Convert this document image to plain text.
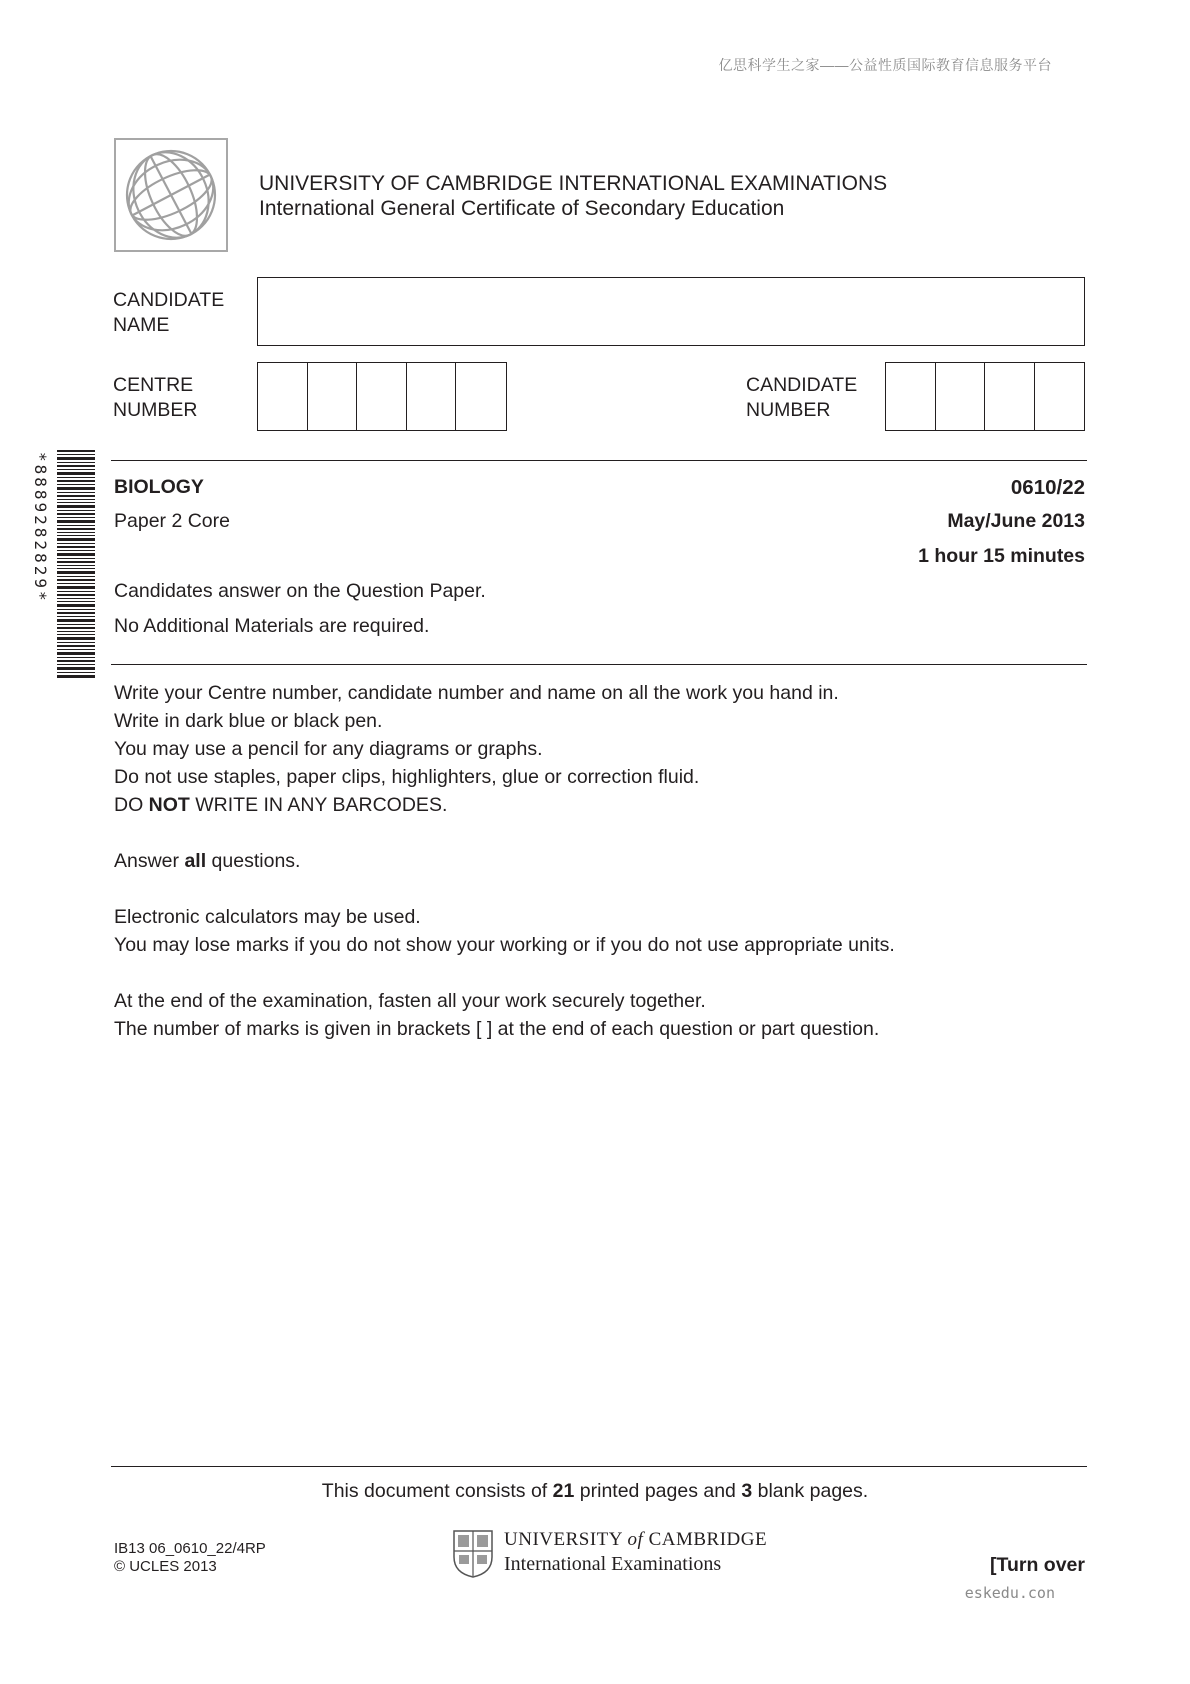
亿思科学生之家——公益性质国际教育信息服务平台
UNIVERSITY OF CAMBRIDGE INTERNATIONAL EXAMINATIONS
International General Certificate of Secondary Education
CANDIDATE
NAME
CENTRE
NUMBER
CANDIDATE
NUMBER
*8889282829*	BIOLOGY	0610/22
Paper 2 Core	May/June 2013
1 hour 15 minutes
Candidates answer on the Question Paper.
No Additional Materials are required.
Write your Centre number, candidate number and name on all the work you hand in.
Write in dark blue or black pen.
You may use a pencil for any diagrams or graphs.
Do not use staples, paper clips, highlighters, glue or correction fluid.
DO NOT WRITE IN ANY BARCODES.
Answer all questions.
Electronic calculators may be used.
You may lose marks if you do not show your working or if you do not use appropriate units.
At the end of the examination, fasten all your work securely together.
The number of marks is given in brackets [ ] at the end of each question or part question.
This document consists of 21 printed pages and 3 blank pages.
IB13 06_0610_22/4RP
© UCLES 2013
UNIVERSITY of CAMBRIDGE
International Examinations	[Turn over
eskedu.con
